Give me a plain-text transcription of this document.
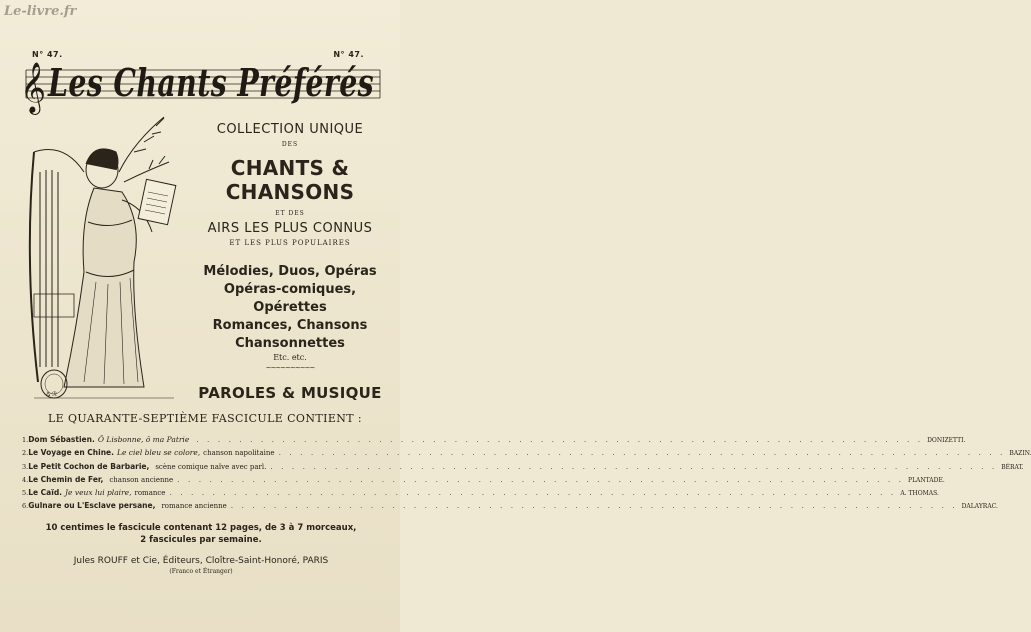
Le-livre.fr
N° 47.	N° 47.
𝄞 Les Chants Préférés
Δ·ℛ
COLLECTION UNIQUE
DES
CHANTS & CHANSONS
ET DES
AIRS LES PLUS CONNUS
ET LES PLUS POPULAIRES
Mélodies, Duos, Opéras
Opéras-comiques, Opérettes
Romances, Chansons
Chansonnettes
Etc. etc.
~~~~~~~~~~
PAROLES & MUSIQUE
LE QUARANTE-SEPTIÈME FASCICULE CONTIENT :
1. Dom Sébastien. Ô Lisbonne, ô ma Patrie . . .	DONIZETTI.
2. Le Voyage en Chine. Le ciel bleu se colore, chanson napolitaine . . .	BAZIN.
3. Le Petit Cochon de Barbarie, scène comique naïve avec parl. . . .	BÉRAT.
4. Le Chemin de Fer, chanson ancienne . . .	PLANTADE.
5. Le Caïd. Je veux lui plaire, romance . . .	A. THOMAS.
6. Gulnare ou L'Esclave persane, romance ancienne . . .	DALAYRAC.
10 centimes le fascicule contenant 12 pages, de 3 à 7 morceaux,
2 fascicules par semaine.
Jules ROUFF et Cie, Éditeurs, Cloître-Saint-Honoré, PARIS
(Franco et Étranger)
